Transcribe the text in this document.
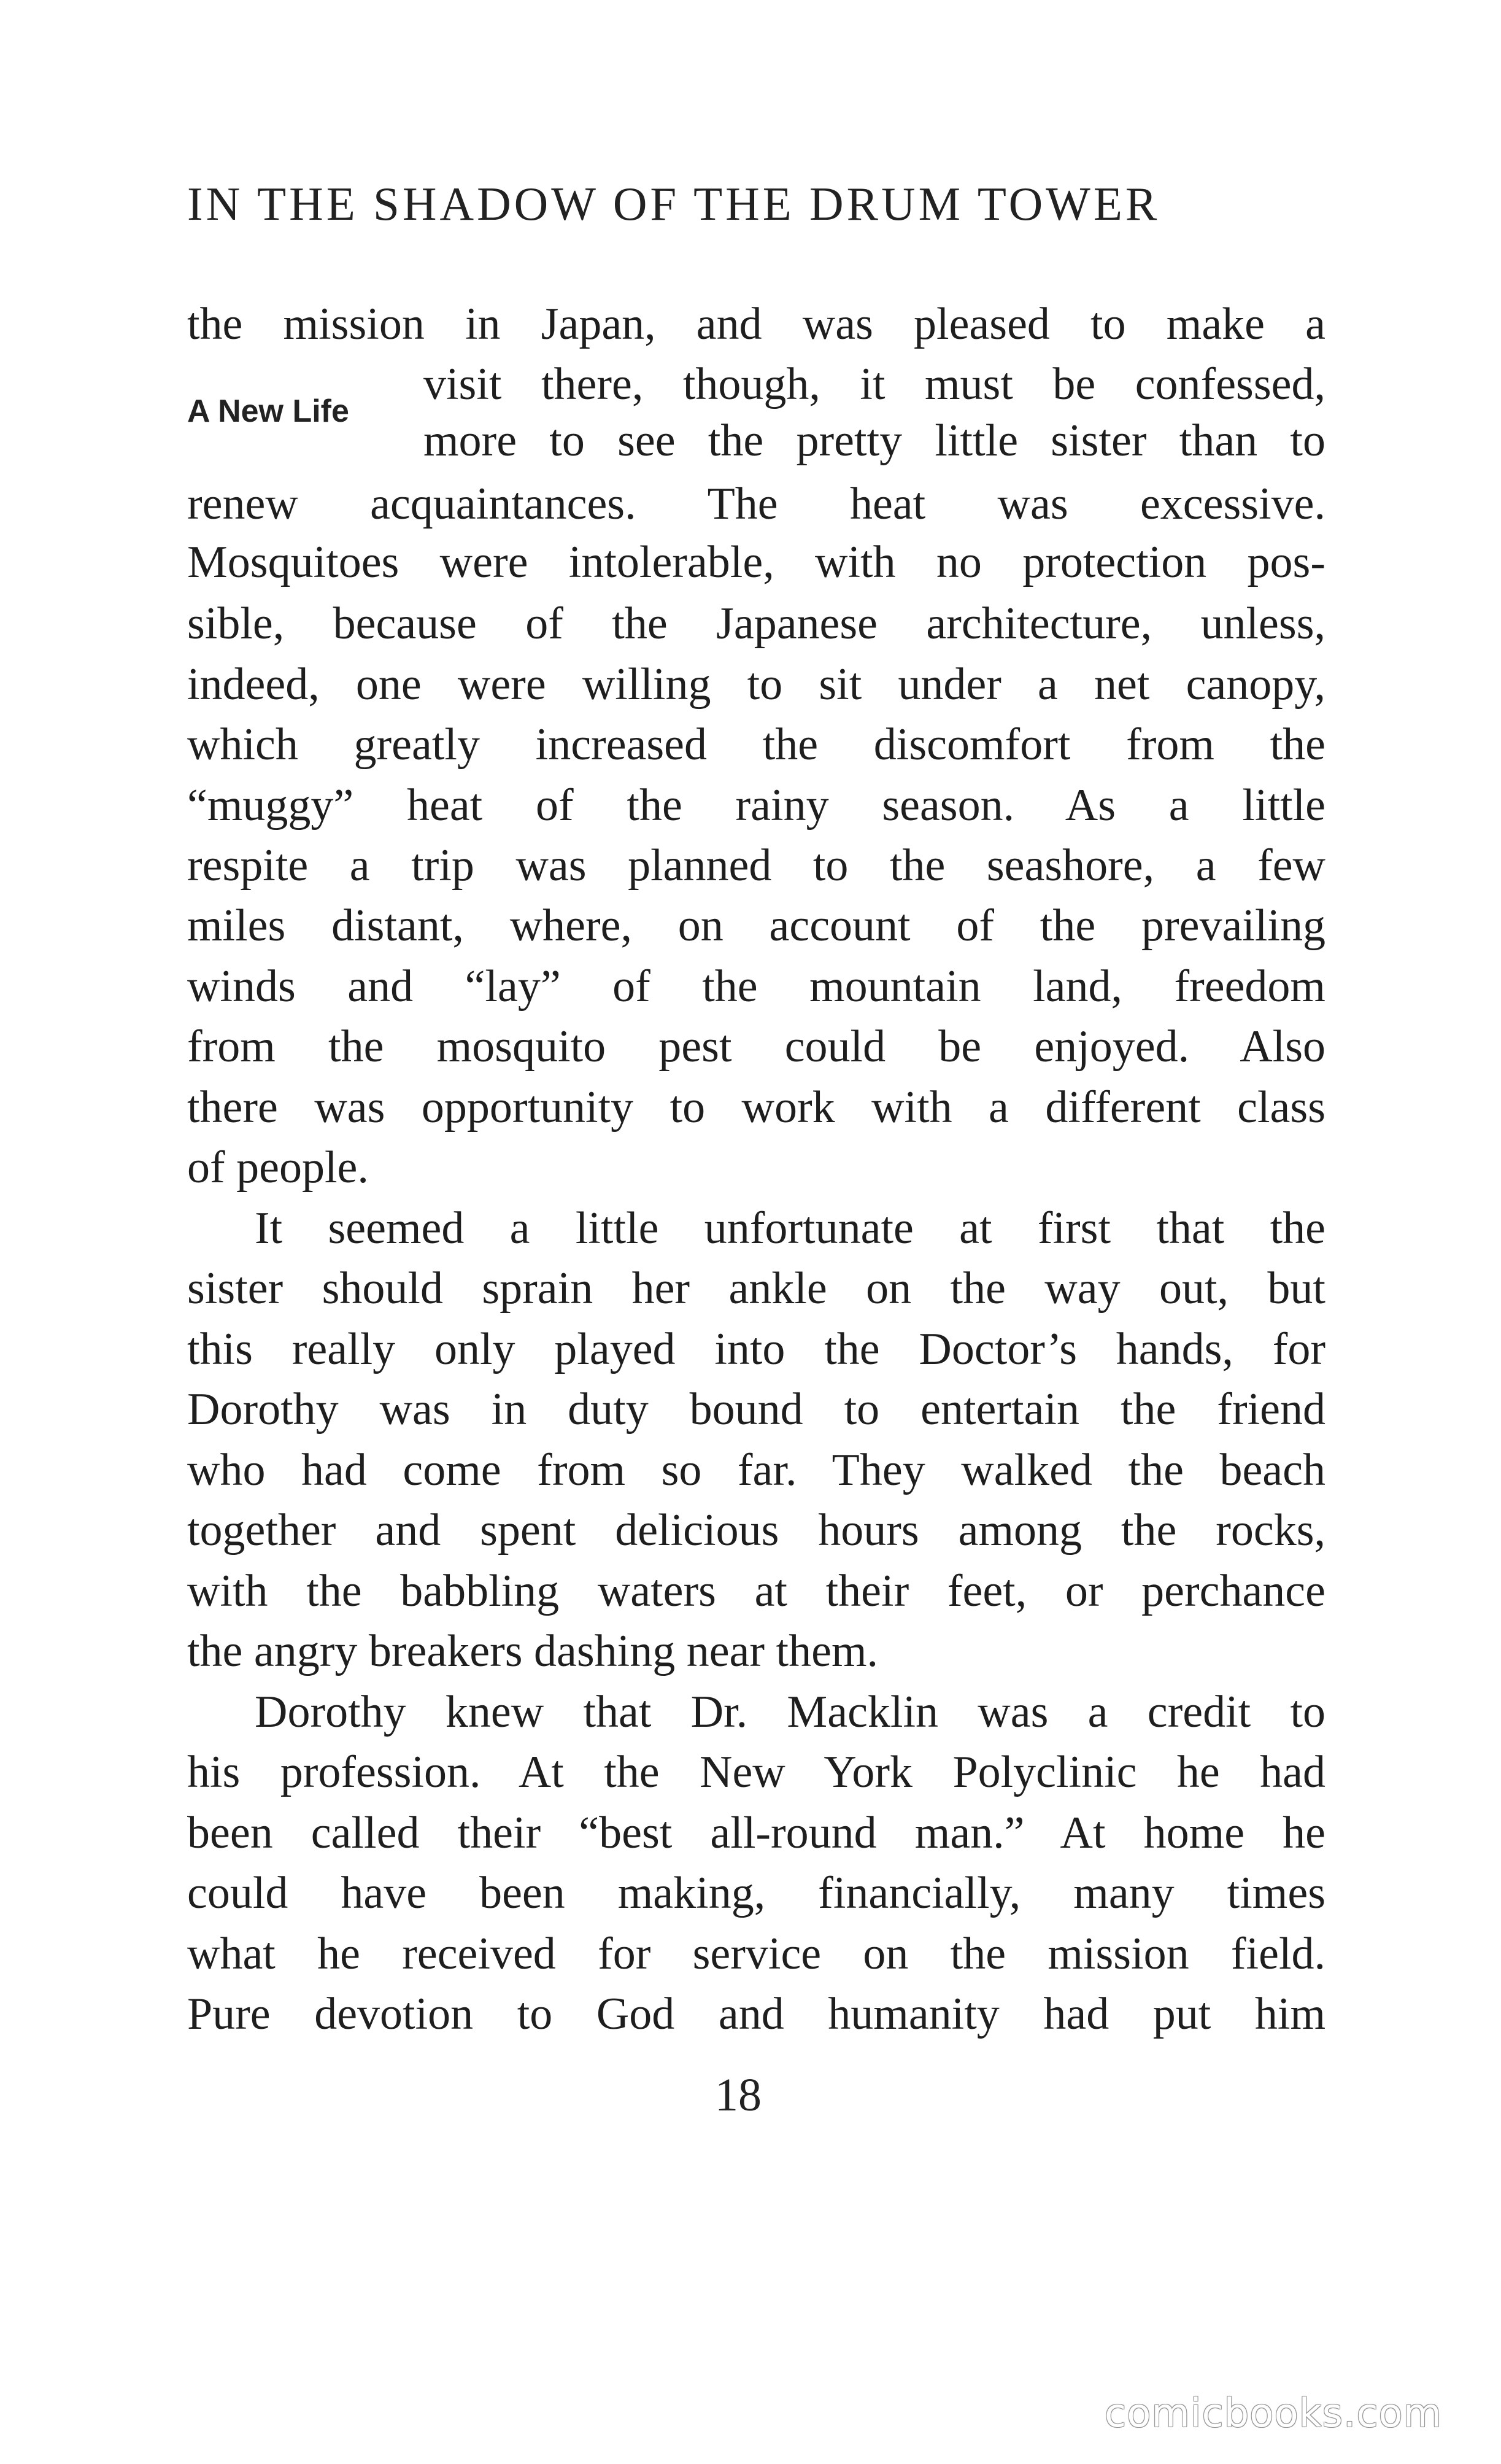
IN THE SHADOW OF THE DRUM TOWER
A New Life
the mission in Japan, and was pleased to make a
visit there, though, it must be confessed,
more to see the pretty little sister than to
renew acquaintances. The heat was excessive.
Mosquitoes were intolerable, with no protection pos-
sible, because of the Japanese architecture, unless,
indeed, one were willing to sit under a net canopy,
which greatly increased the discomfort from the
“muggy” heat of the rainy season. As a little
respite a trip was planned to the seashore, a few
miles distant, where, on account of the prevailing
winds and “lay” of the mountain land, freedom
from the mosquito pest could be enjoyed. Also
there was opportunity to work with a different class
of people.
It seemed a little unfortunate at first that the
sister should sprain her ankle on the way out, but
this really only played into the Doctor’s hands, for
Dorothy was in duty bound to entertain the friend
who had come from so far. They walked the beach
together and spent delicious hours among the rocks,
with the babbling waters at their feet, or perchance
the angry breakers dashing near them.
Dorothy knew that Dr. Macklin was a credit to
his profession. At the New York Polyclinic he had
been called their “best all-round man.” At home he
could have been making, financially, many times
what he received for service on the mission field.
Pure devotion to God and humanity had put him
18
comicbooks.com
